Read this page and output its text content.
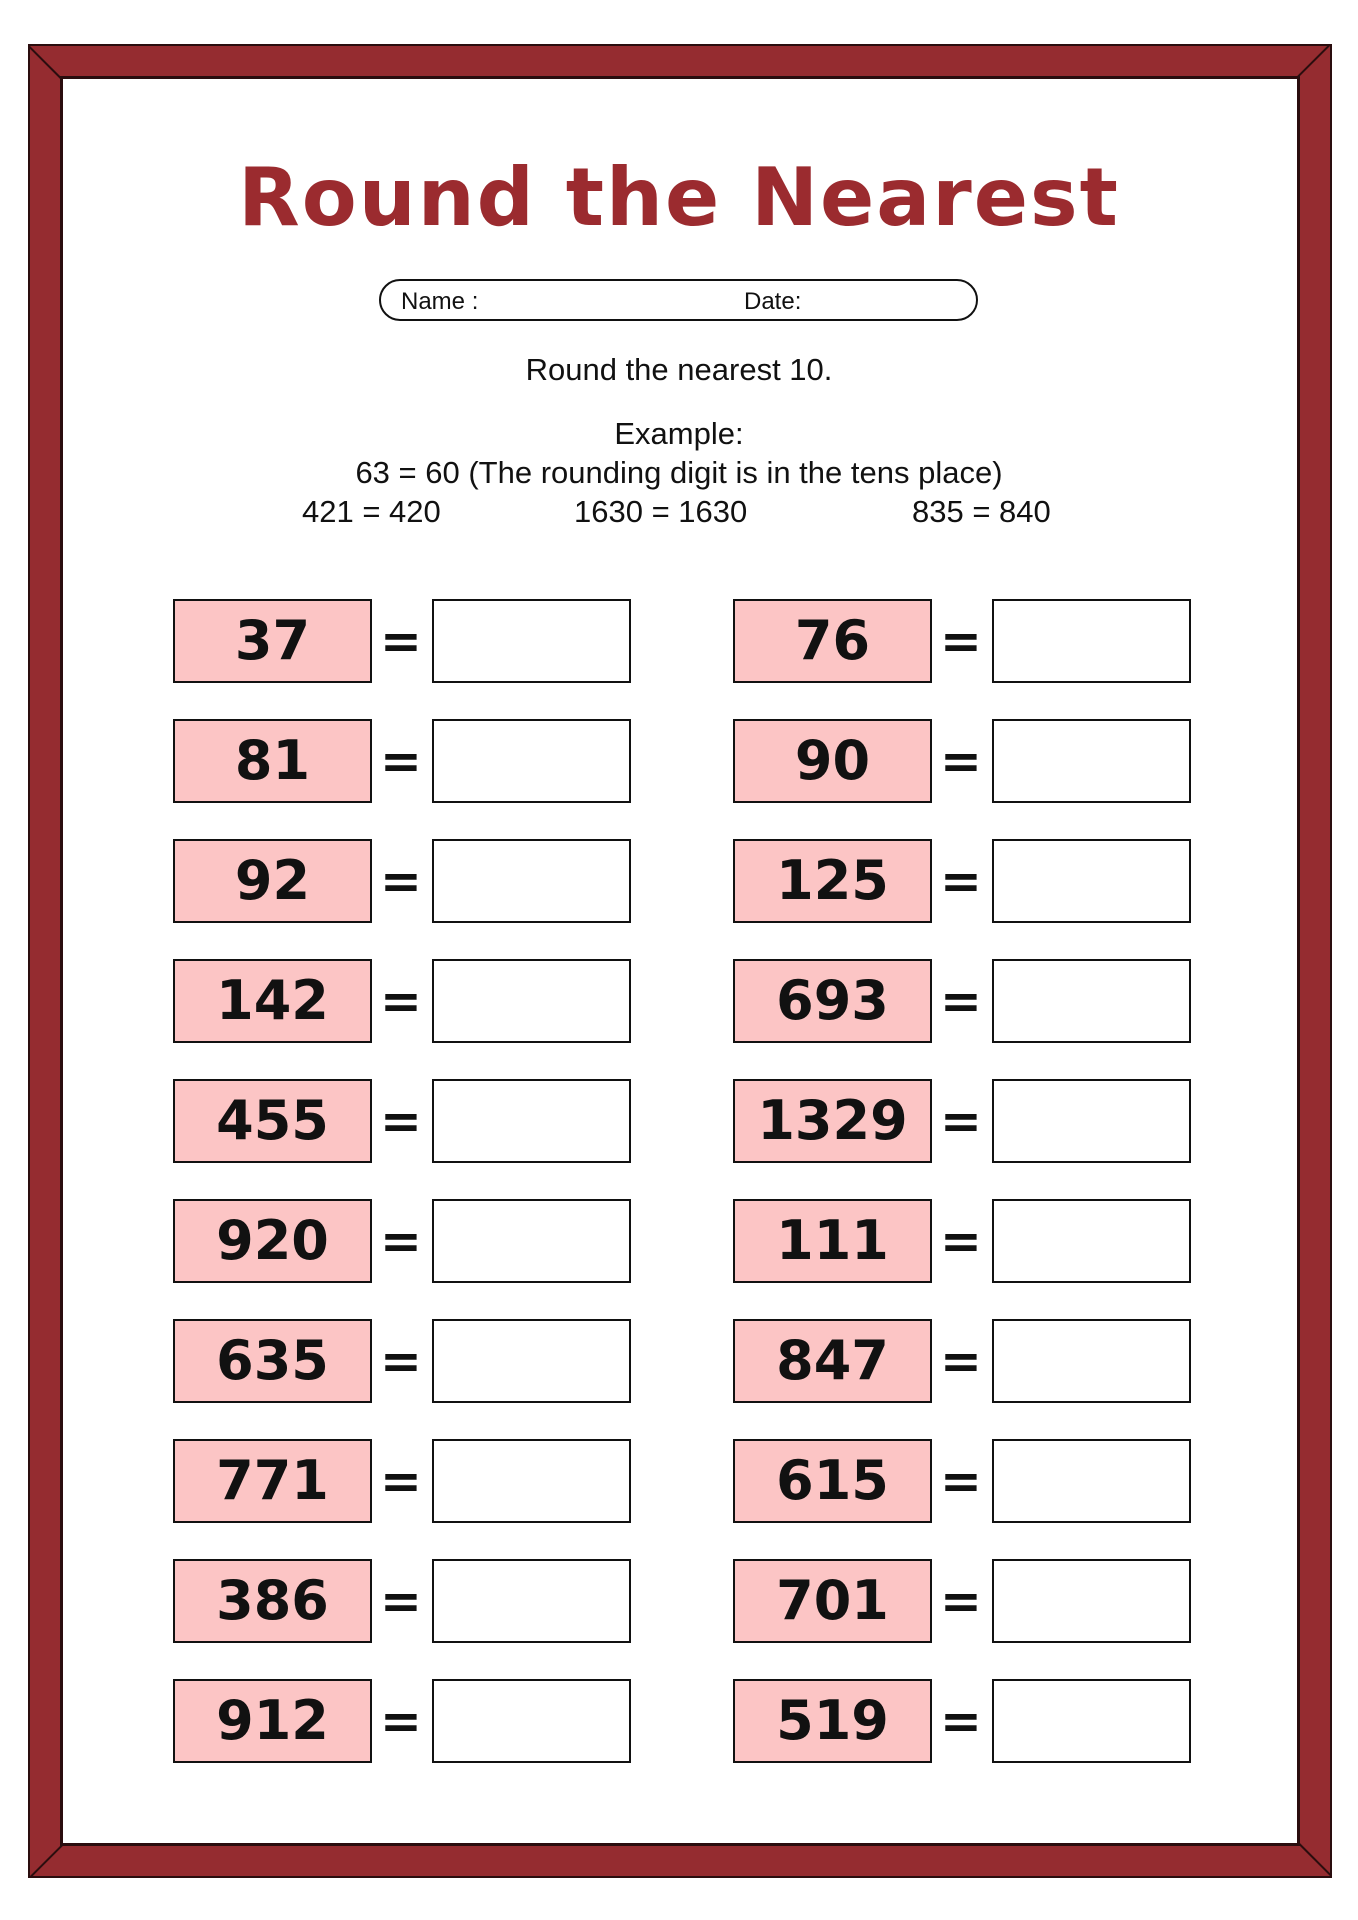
Round the Nearest
Name :	Date:
Round the nearest 10.
Example:
63 = 60 (The rounding digit is in the tens place)
421 = 420	1630 = 1630	835 = 840
37	=
81	=
92	=
142	=
455	=
920	=
635	=
771	=
386	=
912	=
76	=
90	=
125	=
693	=
1329 =
111	=
847	=
615	=
701	=
519	=
